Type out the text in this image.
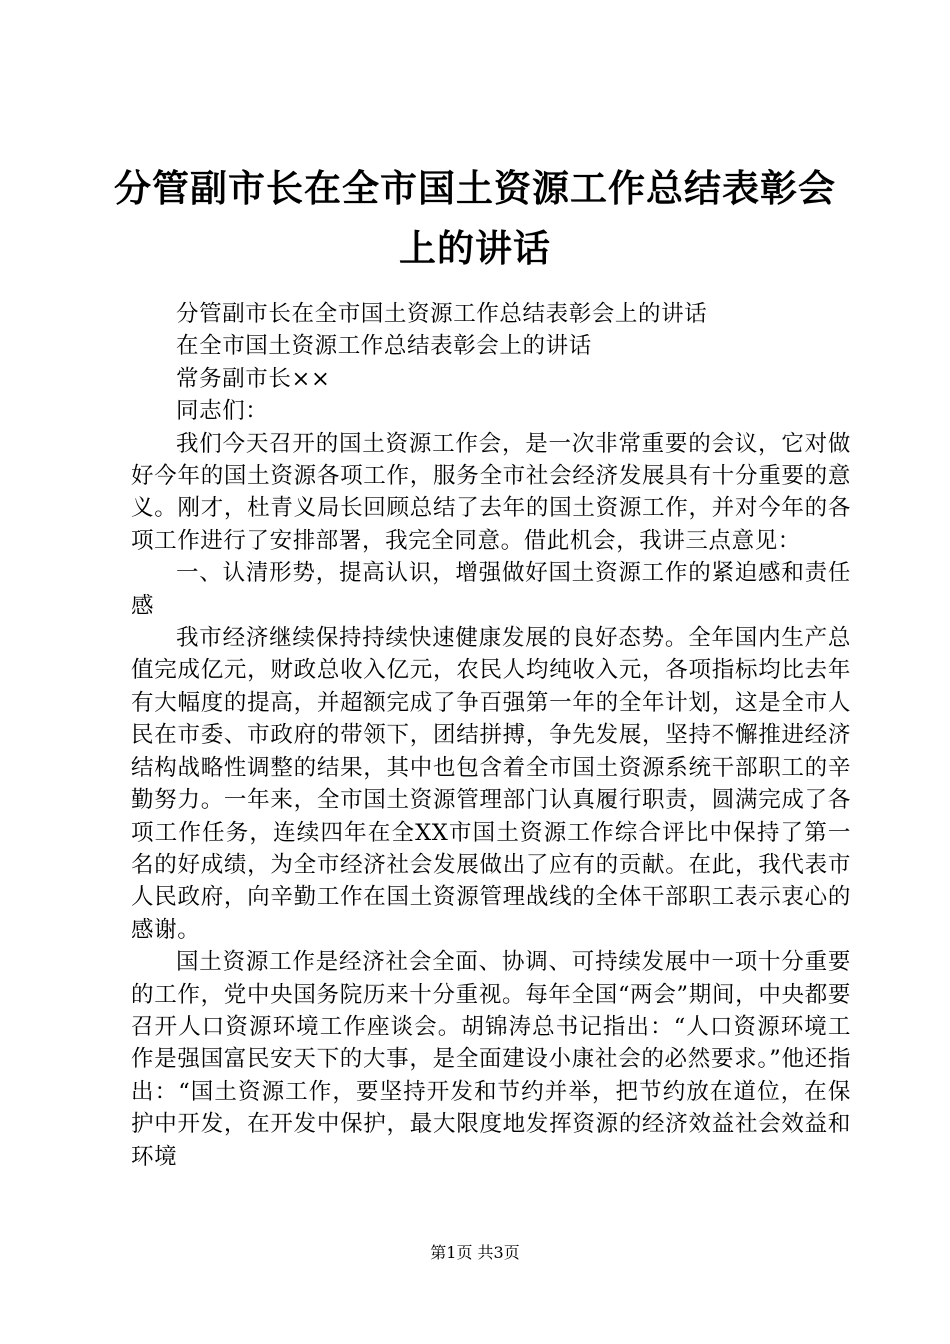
分管副市长在全市国土资源工作总结表彰会上的讲话

分管副市长在全市国土资源工作总结表彰会上的讲话

在全市国土资源工作总结表彰会上的讲话

常务副市长××

同志们：

我们今天召开的国土资源工作会，是一次非常重要的会议，它对做好今年的国土资源各项工作，服务全市社会经济发展具有十分重要的意义。刚才，杜青义局长回顾总结了去年的国土资源工作，并对今年的各项工作进行了安排部署，我完全同意。借此机会，我讲三点意见：

一、认清形势，提高认识，增强做好国土资源工作的紧迫感和责任感

我市经济继续保持持续快速健康发展的良好态势。全年国内生产总值完成亿元，财政总收入亿元，农民人均纯收入元，各项指标均比去年有大幅度的提高，并超额完成了争百强第一年的全年计划，这是全市人民在市委、市政府的带领下，团结拼搏，争先发展，坚持不懈推进经济结构战略性调整的结果，其中也包含着全市国土资源系统干部职工的辛勤努力。一年来，全市国土资源管理部门认真履行职责，圆满完成了各项工作任务，连续四年在全XX市国土资源工作综合评比中保持了第一名的好成绩，为全市经济社会发展做出了应有的贡献。在此，我代表市人民政府，向辛勤工作在国土资源管理战线的全体干部职工表示衷心的感谢。

国土资源工作是经济社会全面、协调、可持续发展中一项十分重要的工作，党中央国务院历来十分重视。每年全国“两会”期间，中央都要召开人口资源环境工作座谈会。胡锦涛总书记指出：“人口资源环境工作是强国富民安天下的大事，是全面建设小康社会的必然要求。”他还指出：“国土资源工作，要坚持开发和节约并举，把节约放在道位，在保护中开发，在开发中保护，最大限度地发挥资源的经济效益社会效益和环境

第1页 共3页
